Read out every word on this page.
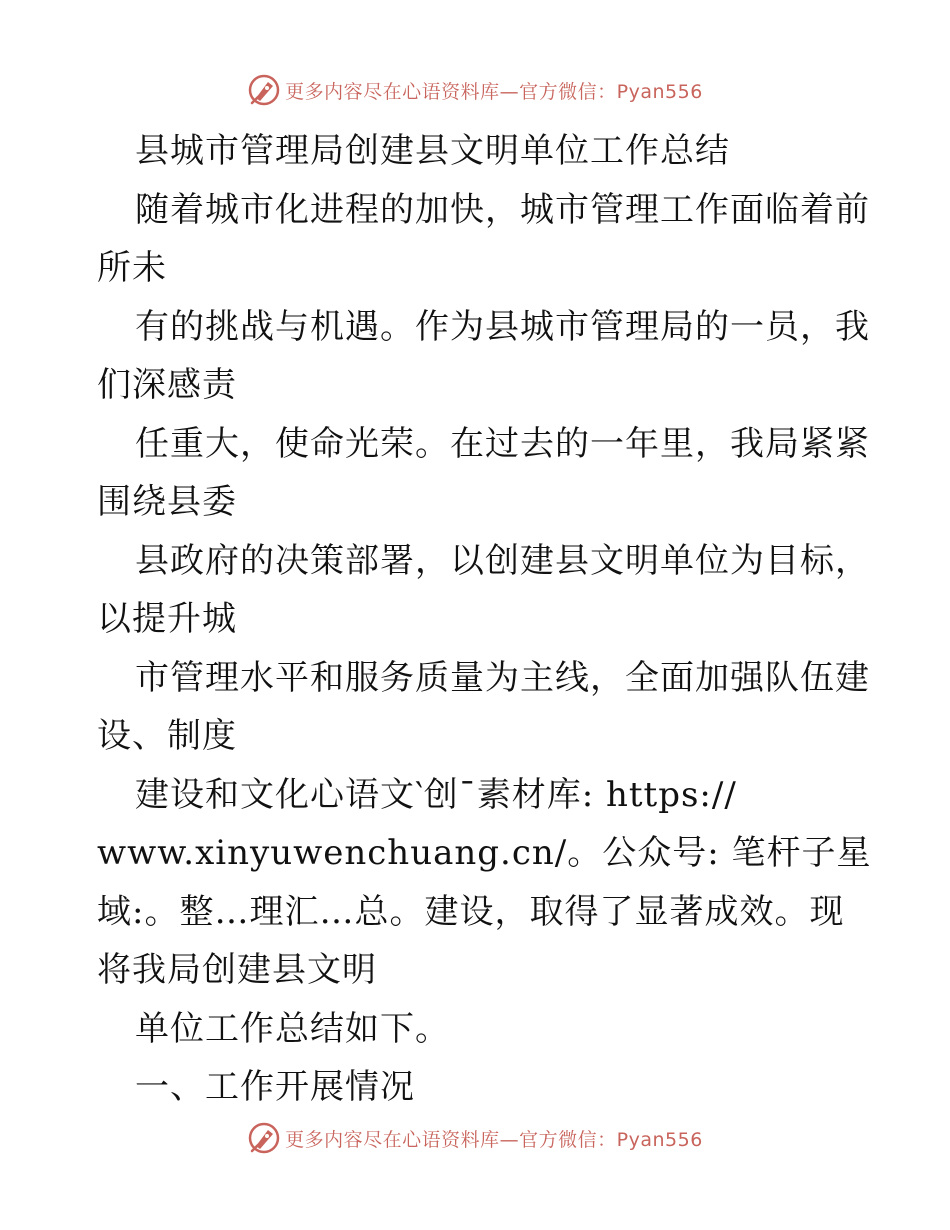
更多内容尽在心语资料库—官方微信：Pyan556
县城市管理局创建县文明单位工作总结
随着城市化进程的加快，城市管理工作面临着前
所未
有的挑战与机遇。作为县城市管理局的一员，我
们深感责
任重大，使命光荣。在过去的一年里，我局紧紧
围绕县委
县政府的决策部署，以创建县文明单位为目标，
以提升城
市管理水平和服务质量为主线，全面加强队伍建
设、制度
建设和文化心语文‵创¯素材库: https://
www.xinyuwenchuang.cn/。公众号: 笔杆子星
域:。整…理汇…总。建设，取得了显著成效。现
将我局创建县文明
单位工作总结如下。
一、工作开展情况
更多内容尽在心语资料库—官方微信：Pyan556
